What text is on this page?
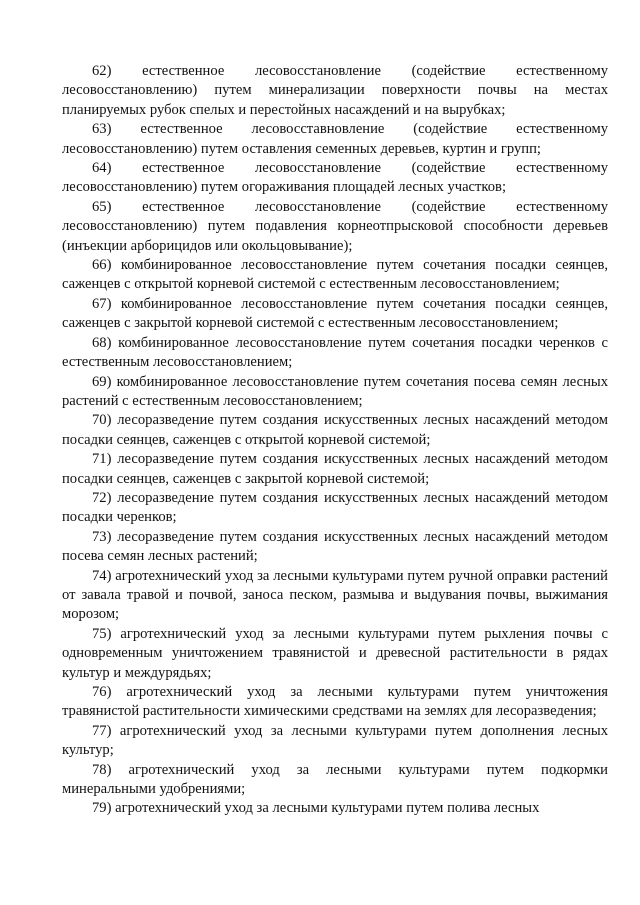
62) естественное лесовосстановление (содействие естественному лесовосстановлению) путем минерализации поверхности почвы на местах планируемых рубок спелых и перестойных насаждений и на вырубках;

63) естественное лесовосставновление (содействие естественному лесовосстановлению) путем оставления семенных деревьев, куртин и групп;

64) естественное лесовосстановление (содействие естественному лесовосстановлению) путем огораживания площадей лесных участков;

65) естественное лесовосстановление (содействие естественному лесовосстановлению) путем подавления корнеотпрысковой способности деревьев (инъекции арборицидов или окольцовывание);

66) комбинированное лесовосстановление путем сочетания посадки сеянцев, саженцев с открытой корневой системой с естественным лесовосстановлением;

67) комбинированное лесовосстановление путем сочетания посадки сеянцев, саженцев с закрытой корневой системой с естественным лесовосстановлением;

68) комбинированное лесовосстановление путем сочетания посадки черенков с естественным лесовосстановлением;

69) комбинированное лесовосстановление путем сочетания посева семян лесных растений с естественным лесовосстановлением;

70) лесоразведение путем создания искусственных лесных насаждений методом посадки сеянцев, саженцев с открытой корневой системой;

71) лесоразведение путем создания искусственных лесных насаждений методом посадки сеянцев, саженцев с закрытой корневой системой;

72) лесоразведение путем создания искусственных лесных насаждений методом посадки черенков;

73) лесоразведение путем создания искусственных лесных насаждений методом посева семян лесных растений;

74) агротехнический уход за лесными культурами путем ручной оправки растений от завала травой и почвой, заноса песком, размыва и выдувания почвы, выжимания морозом;

75) агротехнический уход за лесными культурами путем рыхления почвы с одновременным уничтожением травянистой и древесной растительности в рядах культур и междурядьях;

76) агротехнический уход за лесными культурами путем уничтожения травянистой растительности химическими средствами на землях для лесоразведения;

77) агротехнический уход за лесными культурами путем дополнения лесных культур;

78) агротехнический уход за лесными культурами путем подкормки минеральными удобрениями;

79) агротехнический уход за лесными культурами путем полива лесных
